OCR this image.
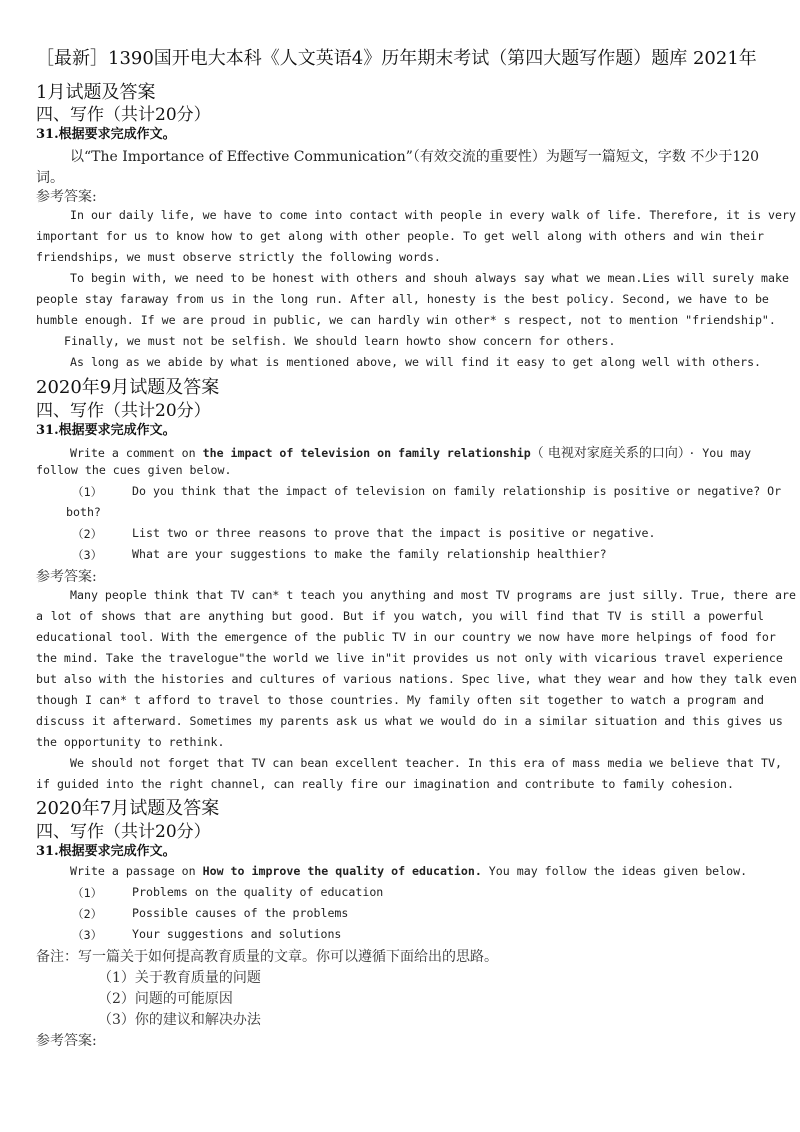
［最新］1390国开电大本科《人文英语4》历年期末考试（第四大题写作题）题库 2021年
1月试题及答案
四、写作（共计20分）
31.根据要求完成作文。
以“The Importance of Effective Communication”（有效交流的重要性）为题写一篇短文，字数 不少于120
词。
参考答案:
In our daily life, we have to come into contact with people in every walk of life. Therefore, it is very
important for us to know how to get along with other people. To get well along with others and win their
friendships, we must observe strictly the following words.
To begin with, we need to be honest with others and shouh always say what we mean.Lies will surely make
people stay faraway from us in the long run. After all, honesty is the best policy. Second, we have to be
humble enough. If we are proud in public, we can hardly win other* s respect, not to mention "friendship".
Finally, we must not be selfish. We should learn howto show concern for others.
As long as we abide by what is mentioned above, we will find it easy to get along well with others.
2020年9月试题及答案
四、写作（共计20分）
31.根据要求完成作文。
Write a comment on the impact of television on family relationship（ 电视对家庭关系的口向） · You may
follow the cues given below.
（1）	Do you think that the impact of television on family relationship is positive or negative? Or
both?
（2）	List two or three reasons to prove that the impact is positive or negative.
（3）	What are your suggestions to make the family relationship healthier?
参考答案:
Many people think that TV can* t teach you anything and most TV programs are just silly. True, there are
a lot of shows that are anything but good. But if you watch, you will find that TV is still a powerful
educational tool. With the emergence of the public TV in our country we now have more helpings of food for
the mind. Take the travelogue"the world we live in"it provides us not only with vicarious travel experience
but also with the histories and cultures of various nations. Spec live, what they wear and how they talk even
though I can* t afford to travel to those countries. My family often sit together to watch a program and
discuss it afterward. Sometimes my parents ask us what we would do in a similar situation and this gives us
the opportunity to rethink.
We should not forget that TV can bean excellent teacher. In this era of mass media we believe that TV,
if guided into the right channel, can really fire our imagination and contribute to family cohesion.
2020年7月试题及答案
四、写作（共计20分）
31.根据要求完成作文。
Write a passage on How to improve the quality of education. You may follow the ideas given below.
（1）	Problems on the quality of education
（2）	Possible causes of the problems
（3）	Your suggestions and solutions
备注：写一篇关于如何提高教育质量的文章。你可以遵循下面给出的思路。
（1）关于教育质量的问题
（2）问题的可能原因
（3）你的建议和解决办法
参考答案:
